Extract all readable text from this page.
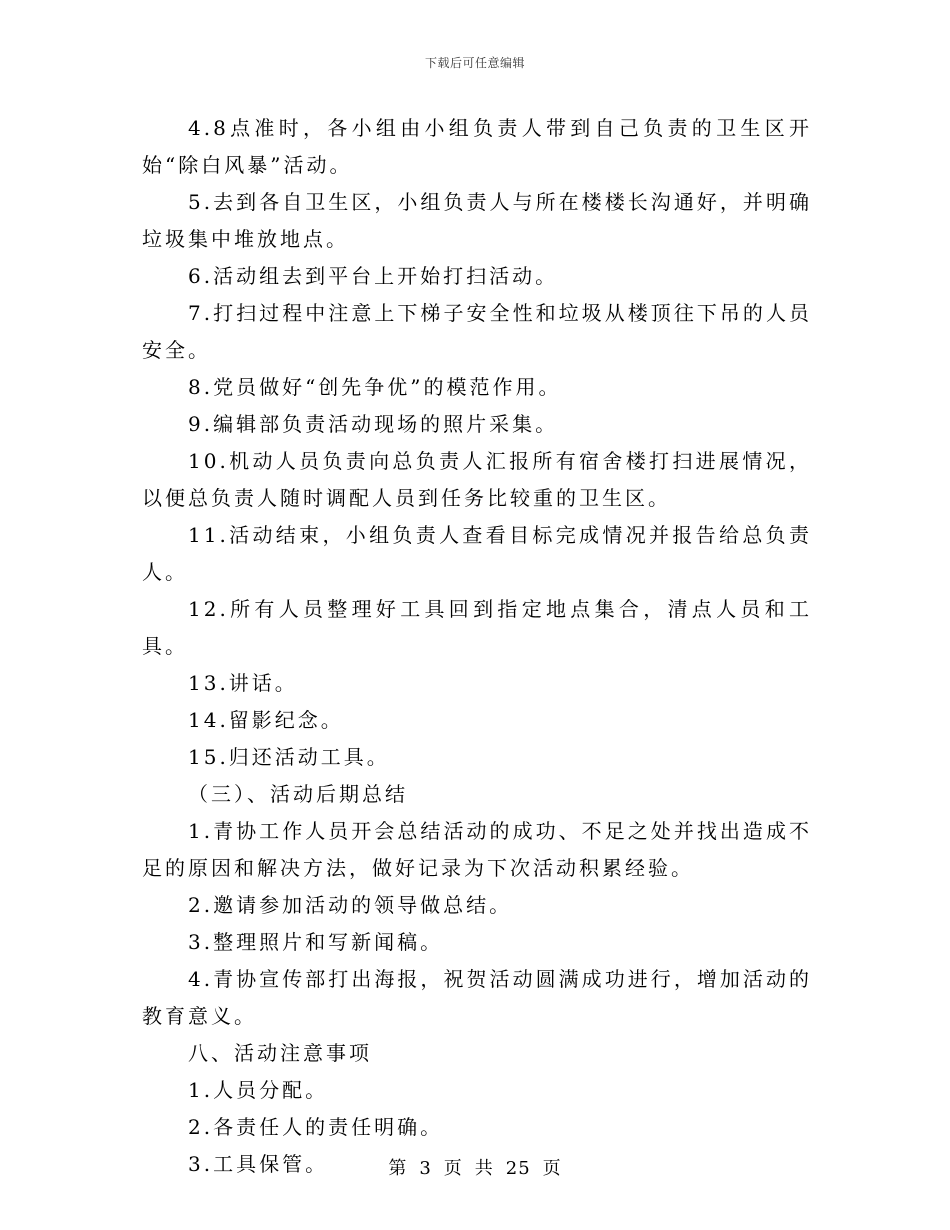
下载后可任意编辑

4.8点准时，各小组由小组负责人带到自己负责的卫生区开始“除白风暴”活动。

5.去到各自卫生区，小组负责人与所在楼楼长沟通好，并明确垃圾集中堆放地点。

6.活动组去到平台上开始打扫活动。

7.打扫过程中注意上下梯子安全性和垃圾从楼顶往下吊的人员安全。

8.党员做好“创先争优”的模范作用。

9.编辑部负责活动现场的照片采集。

10.机动人员负责向总负责人汇报所有宿舍楼打扫进展情况，以便总负责人随时调配人员到任务比较重的卫生区。

11.活动结束，小组负责人查看目标完成情况并报告给总负责人。

12.所有人员整理好工具回到指定地点集合，清点人员和工具。

13.讲话。

14.留影纪念。

15.归还活动工具。

（三）、活动后期总结

1.青协工作人员开会总结活动的成功、不足之处并找出造成不足的原因和解决方法，做好记录为下次活动积累经验。

2.邀请参加活动的领导做总结。

3.整理照片和写新闻稿。

4.青协宣传部打出海报，祝贺活动圆满成功进行，增加活动的教育意义。

八、活动注意事项

1.人员分配。

2.各责任人的责任明确。

3.工具保管。	第 3 页 共 25 页
